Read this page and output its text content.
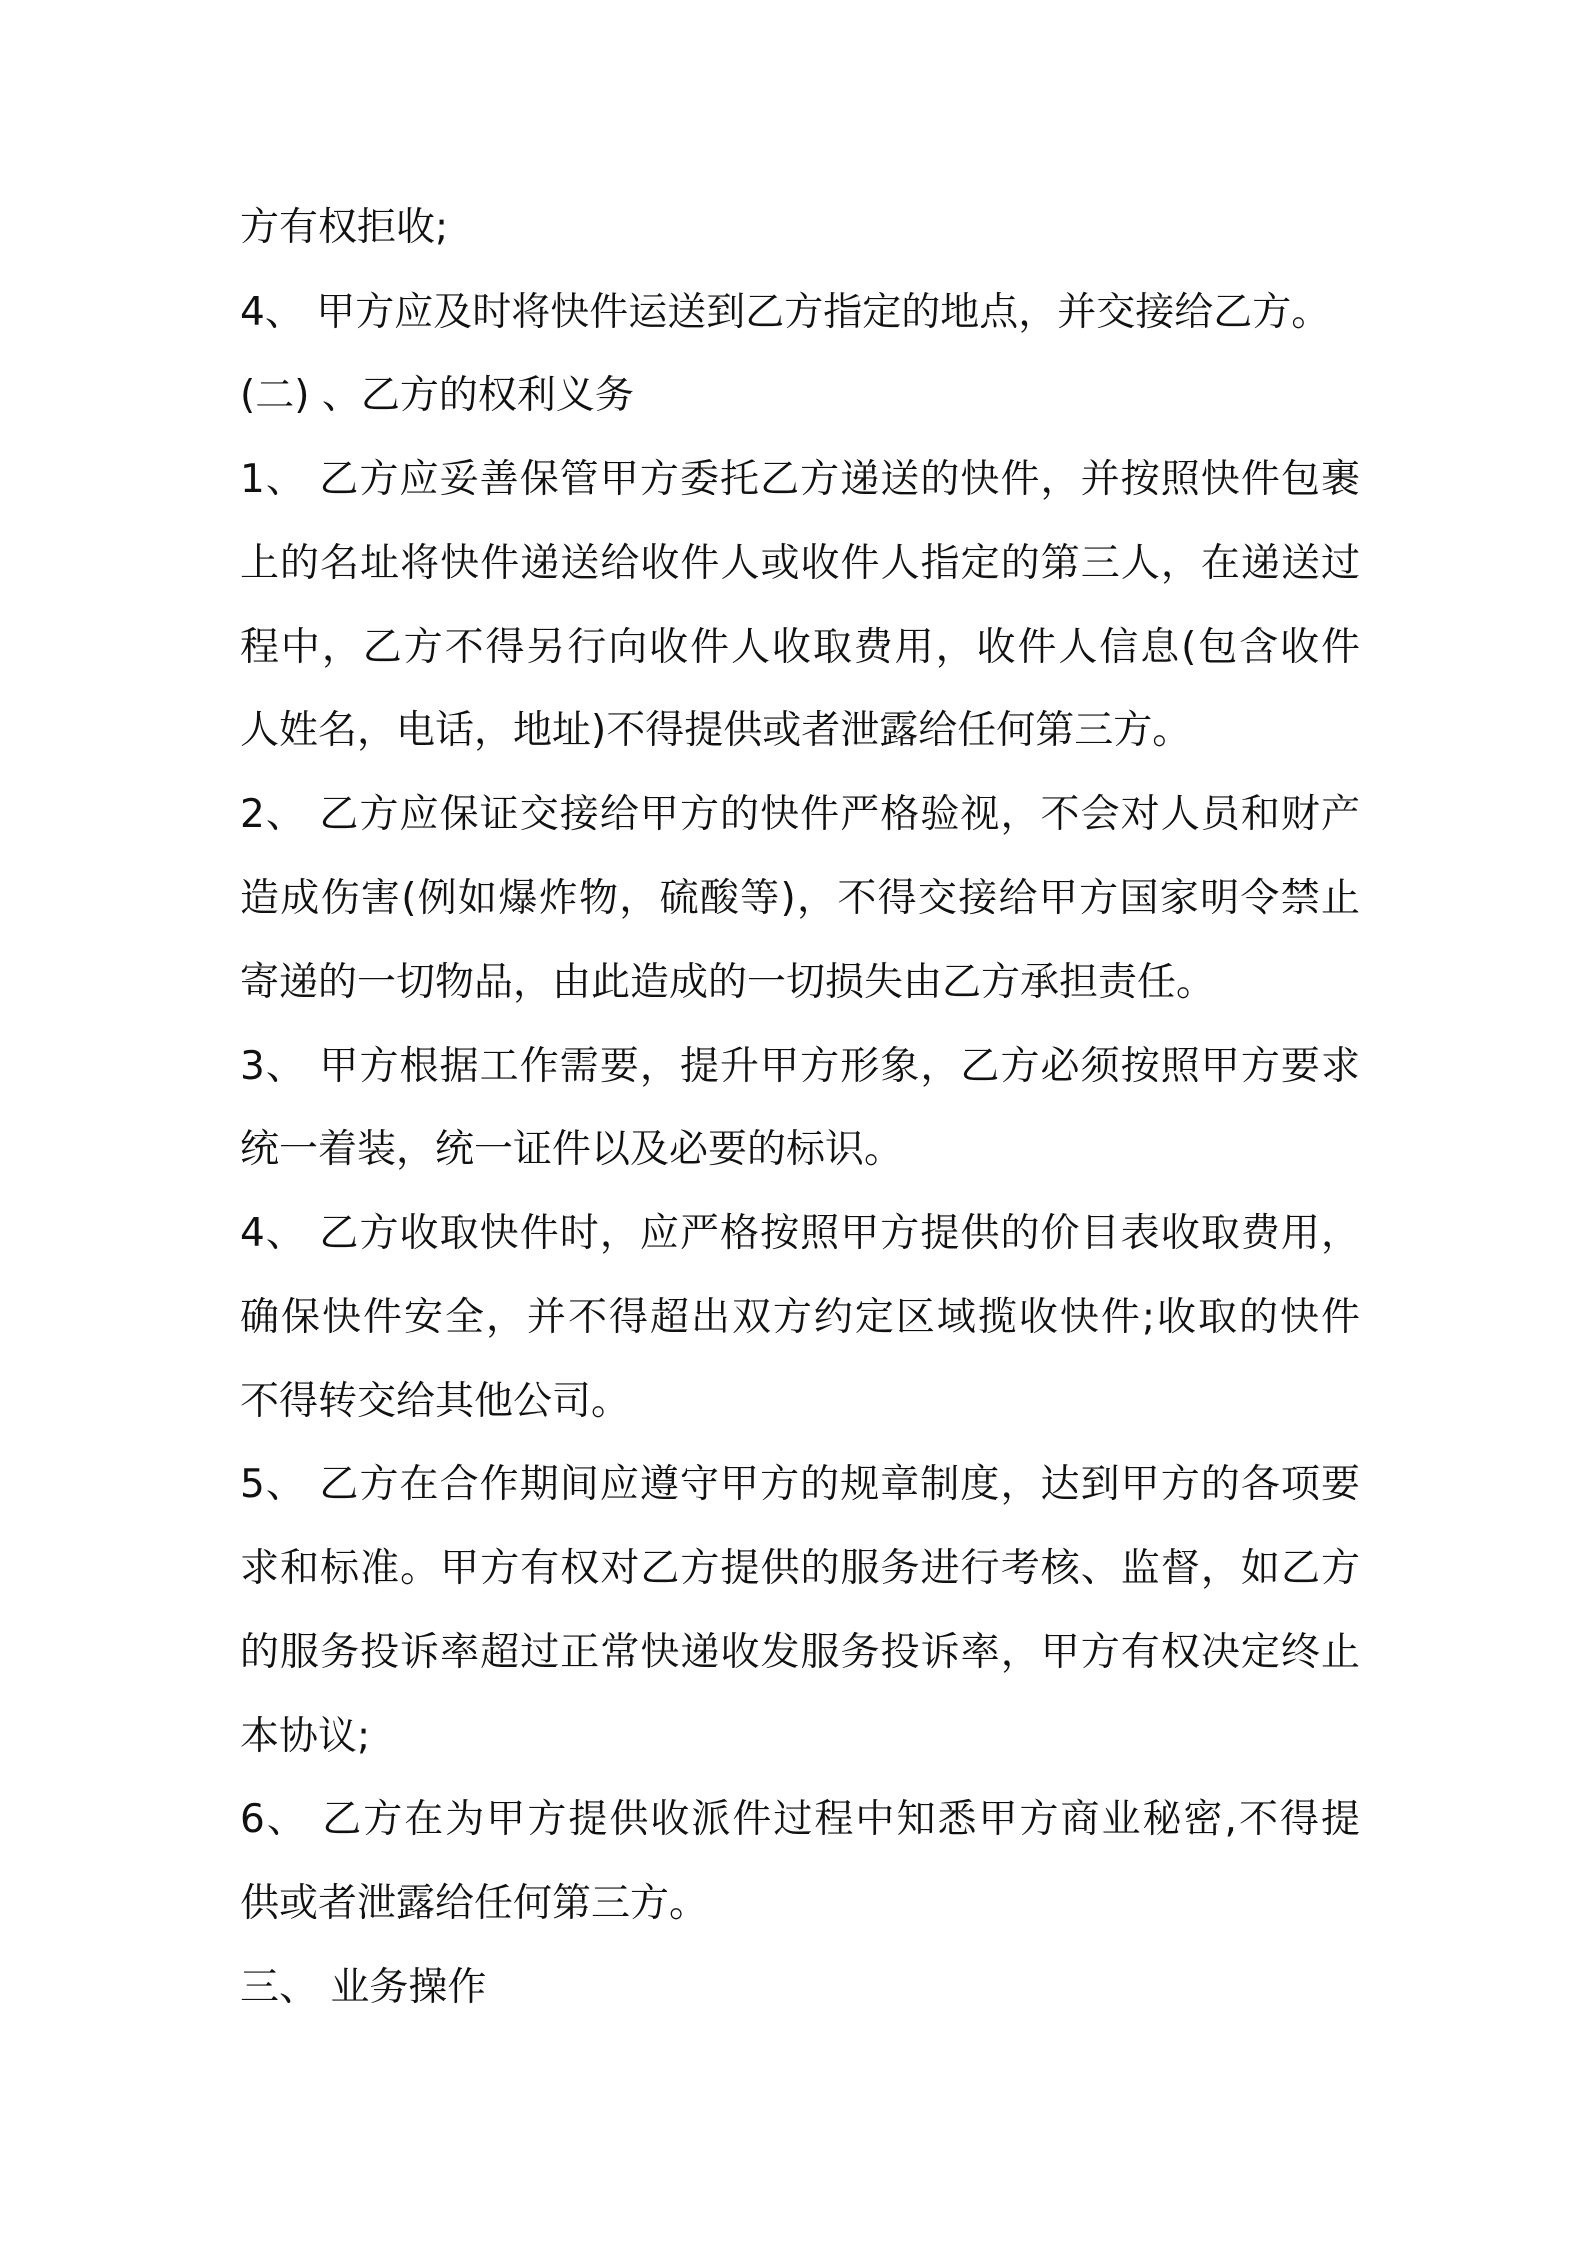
方有权拒收;
4、 甲方应及时将快件运送到乙方指定的地点，并交接给乙方。
(二) 、乙方的权利义务
1、 乙方应妥善保管甲方委托乙方递送的快件，并按照快件包裹
上的名址将快件递送给收件人或收件人指定的第三人，在递送过
程中，乙方不得另行向收件人收取费用，收件人信息(包含收件
人姓名，电话，地址)不得提供或者泄露给任何第三方。
2、 乙方应保证交接给甲方的快件严格验视，不会对人员和财产
造成伤害(例如爆炸物，硫酸等)，不得交接给甲方国家明令禁止
寄递的一切物品，由此造成的一切损失由乙方承担责任。
3、 甲方根据工作需要，提升甲方形象，乙方必须按照甲方要求
统一着装，统一证件以及必要的标识。
4、 乙方收取快件时，应严格按照甲方提供的价目表收取费用，
确保快件安全，并不得超出双方约定区域揽收快件;收取的快件
不得转交给其他公司。
5、 乙方在合作期间应遵守甲方的规章制度，达到甲方的各项要
求和标准。甲方有权对乙方提供的服务进行考核、监督，如乙方
的服务投诉率超过正常快递收发服务投诉率，甲方有权决定终止
本协议;
6、 乙方在为甲方提供收派件过程中知悉甲方商业秘密,不得提
供或者泄露给任何第三方。
三、 业务操作
